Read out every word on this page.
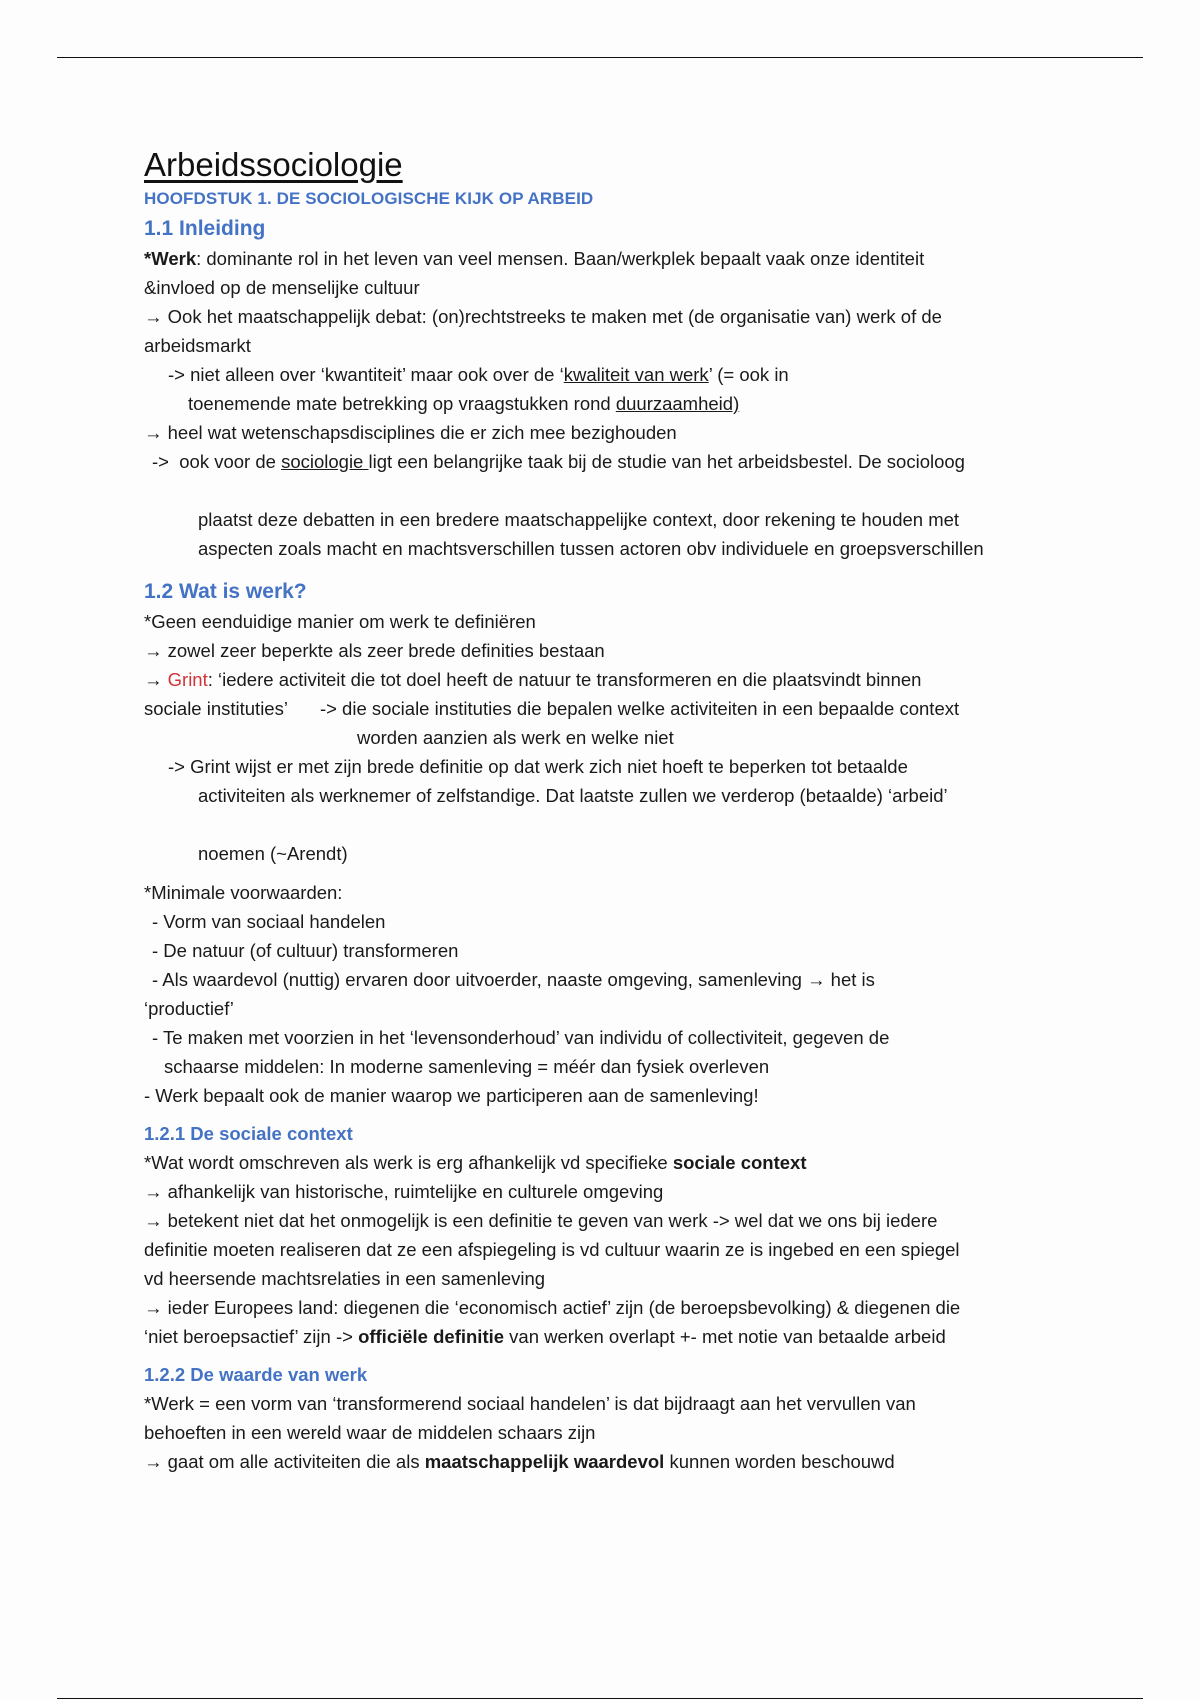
Arbeidssociologie
HOOFDSTUK 1. DE SOCIOLOGISCHE KIJK OP ARBEID
1.1 Inleiding

*Werk: dominante rol in het leven van veel mensen. Baan/werkplek bepaalt vaak onze identiteit

&invloed op de menselijke cultuur

→ Ook het maatschappelijk debat: (on)rechtstreeks te maken met (de organisatie van) werk of de

arbeidsmarkt

-> niet alleen over ‘kwantiteit’ maar ook over de ‘kwaliteit van werk’ (= ook in

toenemende mate betrekking op vraagstukken rond duurzaamheid)

→ heel wat wetenschapsdisciplines die er zich mee bezighouden

->  ook voor de sociologie ligt een belangrijke taak bij de studie van het arbeidsbestel. De socioloog

plaatst deze debatten in een bredere maatschappelijke context, door rekening te houden met

aspecten zoals macht en machtsverschillen tussen actoren obv individuele en groepsverschillen

1.2 Wat is werk?

*Geen eenduidige manier om werk te definiëren

→ zowel zeer beperkte als zeer brede definities bestaan

→ Grint: ‘iedere activiteit die tot doel heeft de natuur te transformeren en die plaatsvindt binnen

sociale instituties’ -> die sociale instituties die bepalen welke activiteiten in een bepaalde context

worden aanzien als werk en welke niet

-> Grint wijst er met zijn brede definitie op dat werk zich niet hoeft te beperken tot betaalde

activiteiten als werknemer of zelfstandige. Dat laatste zullen we verderop (betaalde) ‘arbeid’

noemen (~Arendt)

*Minimale voorwaarden:

- Vorm van sociaal handelen

- De natuur (of cultuur) transformeren

- Als waardevol (nuttig) ervaren door uitvoerder, naaste omgeving, samenleving → het is

‘productief’

- Te maken met voorzien in het ‘levensonderhoud’ van individu of collectiviteit, gegeven de

schaarse middelen: In moderne samenleving = méér dan fysiek overleven

- Werk bepaalt ook de manier waarop we participeren aan de samenleving!

1.2.1 De sociale context

*Wat wordt omschreven als werk is erg afhankelijk vd specifieke sociale context

→ afhankelijk van historische, ruimtelijke en culturele omgeving

→ betekent niet dat het onmogelijk is een definitie te geven van werk -> wel dat we ons bij iedere

definitie moeten realiseren dat ze een afspiegeling is vd cultuur waarin ze is ingebed en een spiegel

vd heersende machtsrelaties in een samenleving

→ ieder Europees land: diegenen die ‘economisch actief’ zijn (de beroepsbevolking) & diegenen die

‘niet beroepsactief’ zijn -> officiële definitie van werken overlapt +- met notie van betaalde arbeid

1.2.2 De waarde van werk

*Werk = een vorm van ‘transformerend sociaal handelen’ is dat bijdraagt aan het vervullen van

behoeften in een wereld waar de middelen schaars zijn

→ gaat om alle activiteiten die als maatschappelijk waardevol kunnen worden beschouwd
